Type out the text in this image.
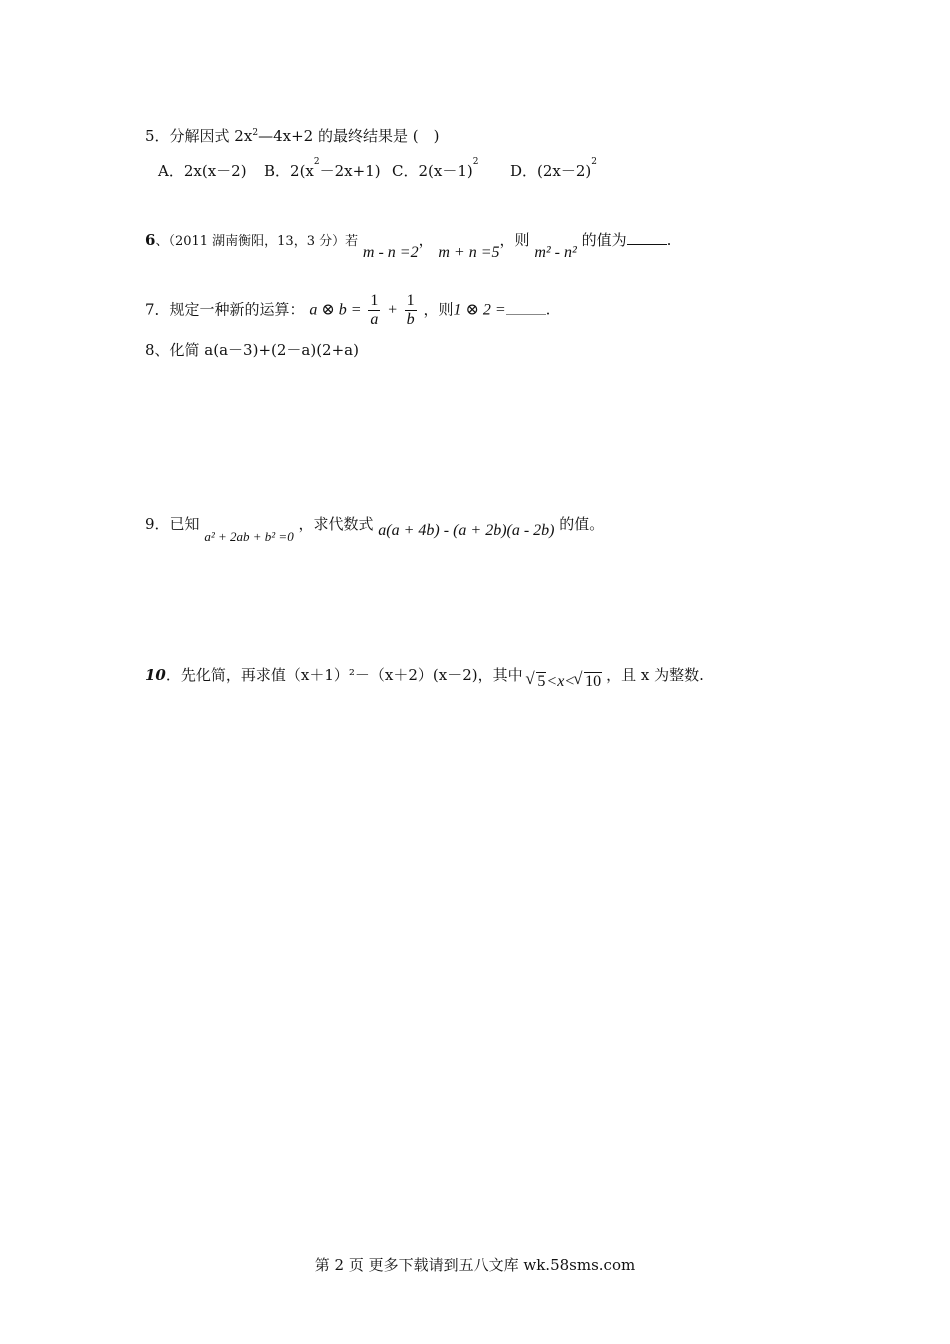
5．分解因式 $2x^2—4x+2$ 的最终结果是 (　)
A．2x(x－2) B．$2(x^2-2x+1)$ C．$2(x-1)^2$ D．$(2x-2)^2$
6、（2011 湖南衡阳，13，3 分）若 m - n =2， m + n =5，则 m² - n² 的值为	.
7．规定一种新的运算： a ⊗ $b = \frac{1}{a} + \frac{1}{b}$ ，则1 ⊗ 2 =	.
8、化简 a(a－3)+(2－a)(2+a)
9．已知 a² + 2ab + b² =0 ，求代数式 a(a + 4b) - (a + 2b)(a - 2b) 的值。
10．先化简，再求值（x＋1）²－（x＋2）(x－2)，其中 √ 5<x< √ 10 ，且 x 为整数.
第 2 页 更多下载请到五八文库 wk.58sms.com
